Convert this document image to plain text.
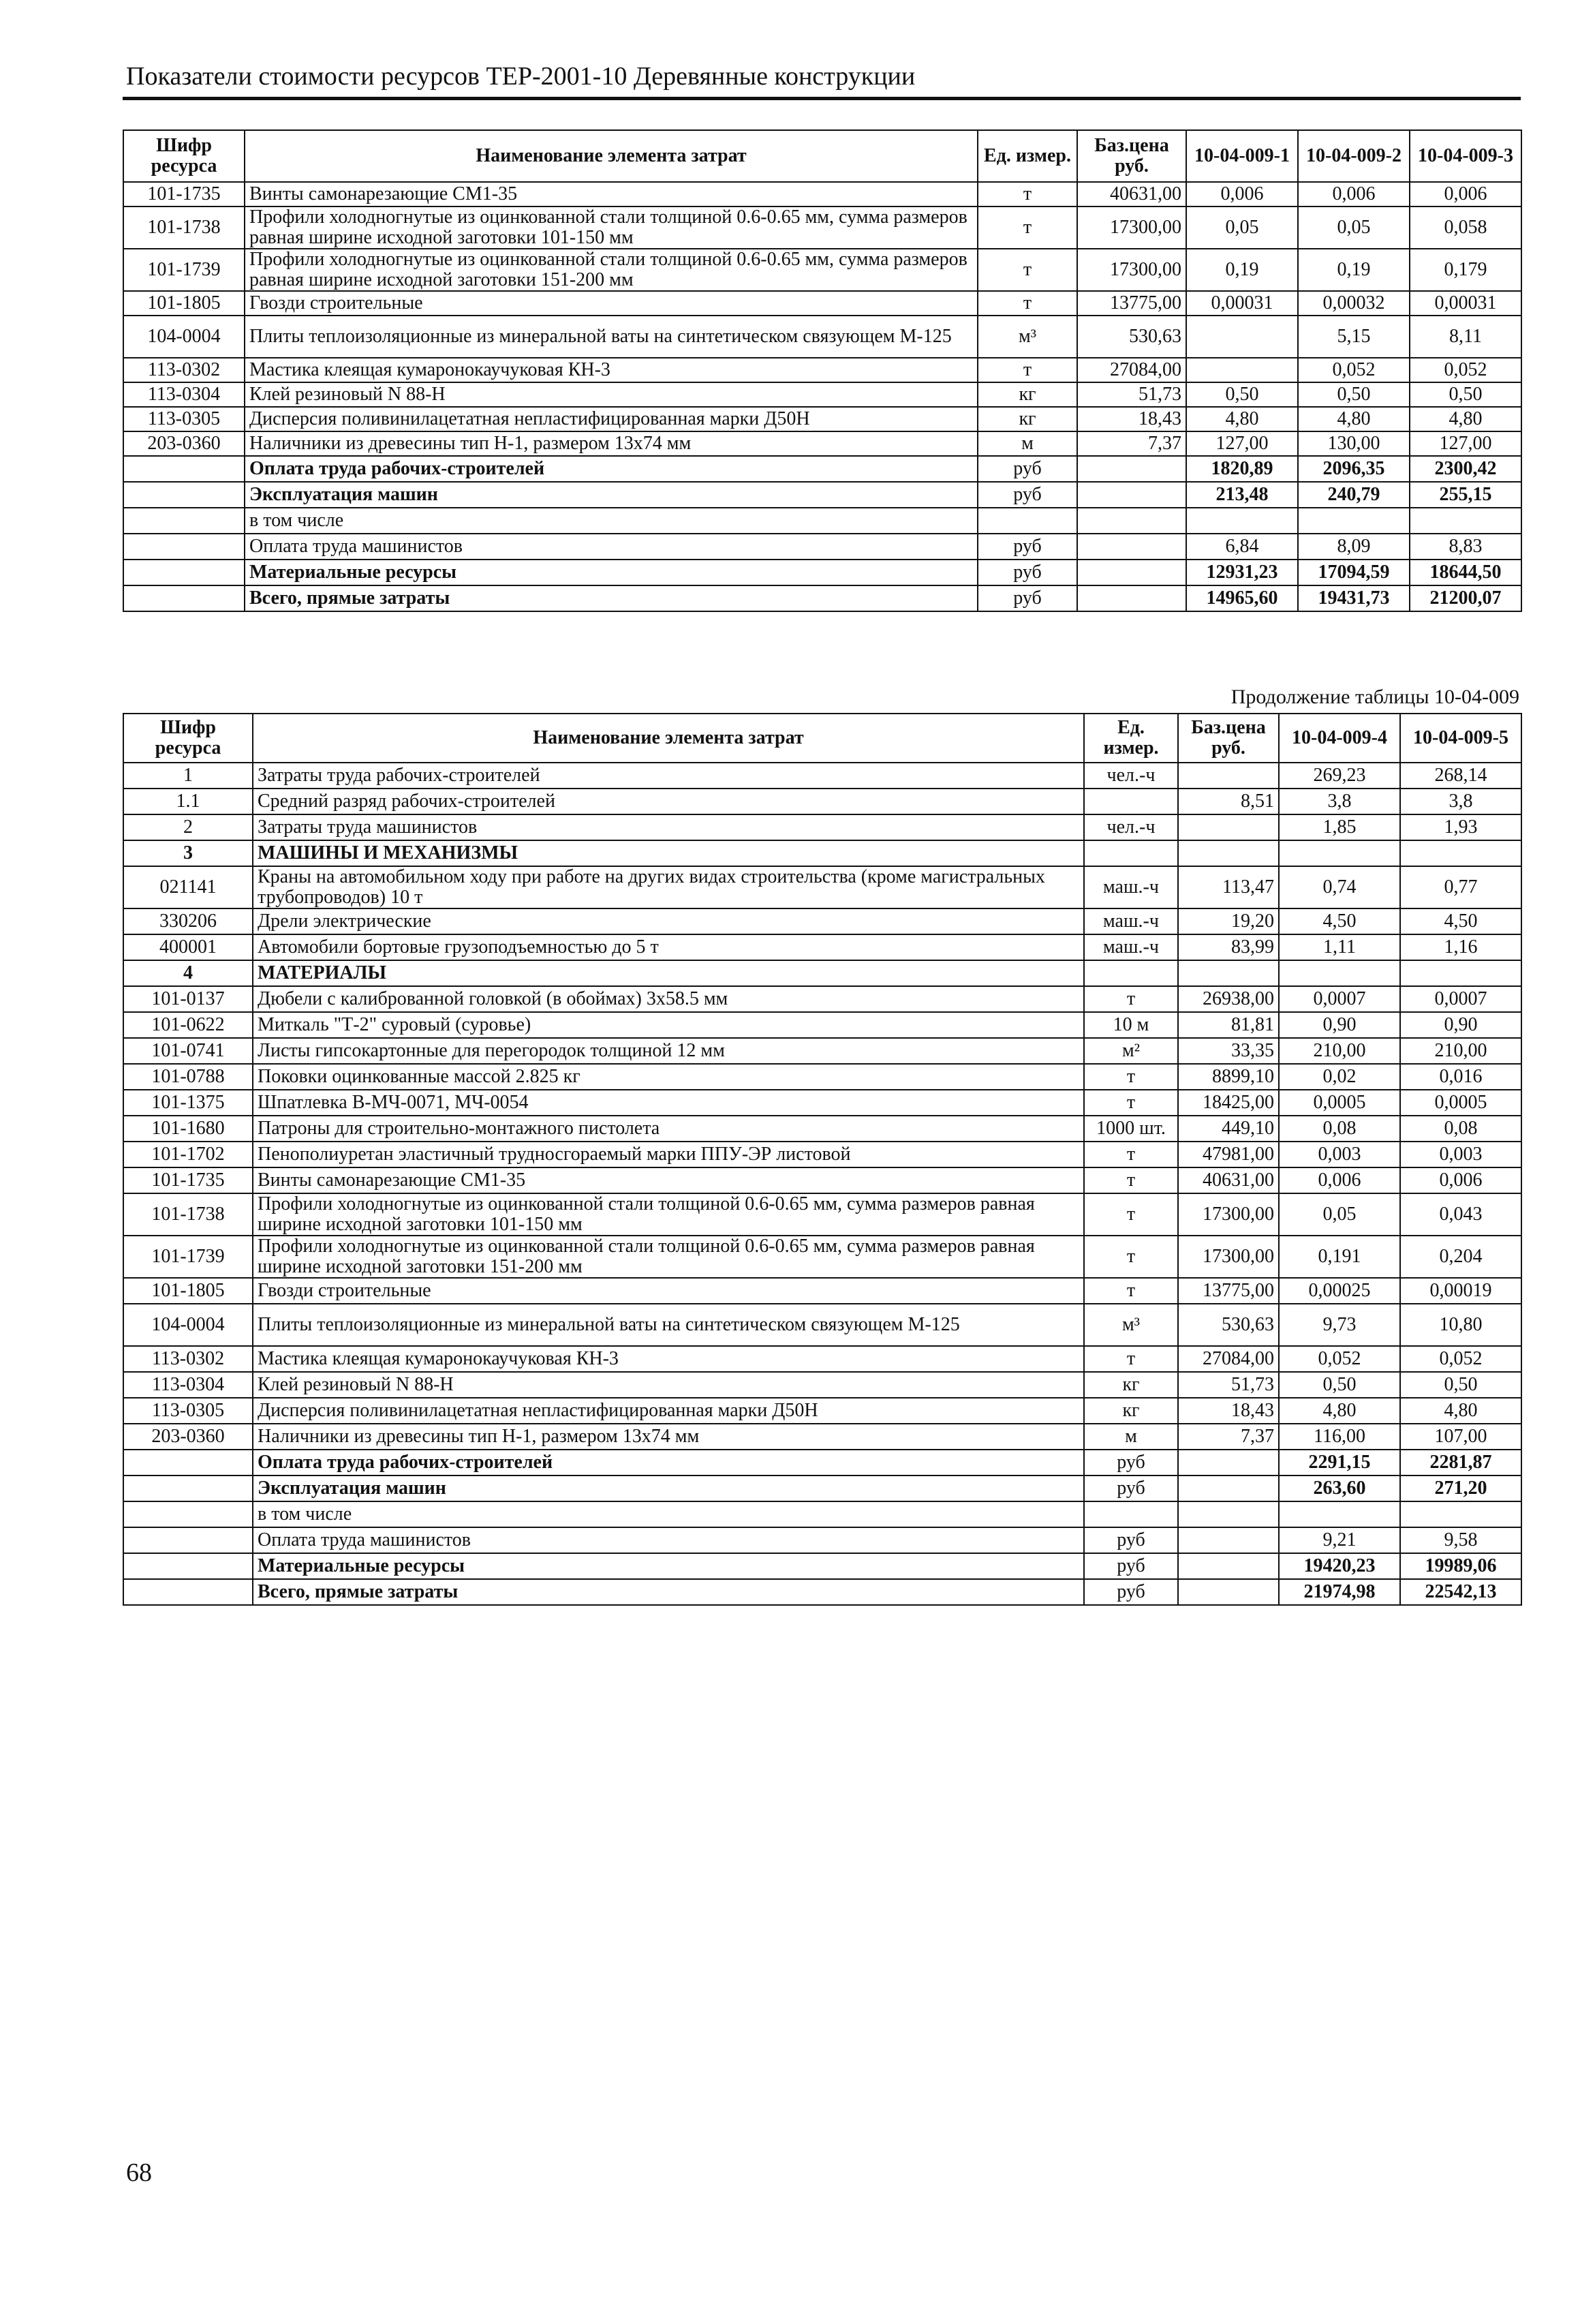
Показатели стоимости ресурсов ТЕР-2001-10 Деревянные конструкции
Шифр ресурса	Наименование элемента затрат	Ед. измер.	Баз.цена руб.	10-04-009-1	10-04-009-2	10-04-009-3
101-1735	Винты самонарезающие СМ1-35	т	40631,00	0,006	0,006	0,006
101-1738	Профили холодногнутые из оцинкованной стали толщиной 0.6-0.65 мм, сумма размеров равная ширине исходной заготовки 101-150 мм	т	17300,00	0,05	0,05	0,058
101-1739	Профили холодногнутые из оцинкованной стали толщиной 0.6-0.65 мм, сумма размеров равная ширине исходной заготовки 151-200 мм	т	17300,00	0,19	0,19	0,179
101-1805	Гвозди строительные	т	13775,00	0,00031	0,00032	0,00031
104-0004	Плиты теплоизоляционные из минеральной ваты на синтетическом связующем М-125	м³	530,63		5,15	8,11
113-0302	Мастика клеящая кумаронокаучуковая КН-3	т	27084,00		0,052	0,052
113-0304	Клей резиновый N 88-Н	кг	51,73	0,50	0,50	0,50
113-0305	Дисперсия поливинилацетатная непластифицированная марки Д50Н	кг	18,43	4,80	4,80	4,80
203-0360	Наличники из древесины тип Н-1, размером 13х74 мм	м	7,37	127,00	130,00	127,00
	Оплата труда рабочих-строителей	руб		1820,89	2096,35	2300,42
	Эксплуатация машин	руб		213,48	240,79	255,15
	в том числе					
	Оплата труда машинистов	руб		6,84	8,09	8,83
	Материальные ресурсы	руб		12931,23	17094,59	18644,50
	Всего, прямые затраты	руб		14965,60	19431,73	21200,07
Продолжение таблицы 10-04-009
Шифр ресурса	Наименование элемента затрат	Ед. измер.	Баз.цена руб.	10-04-009-4	10-04-009-5
1	Затраты труда рабочих-строителей	чел.-ч		269,23	268,14
1.1	Средний разряд рабочих-строителей		8,51	3,8	3,8
2	Затраты труда машинистов	чел.-ч		1,85	1,93
3	МАШИНЫ И МЕХАНИЗМЫ				
021141	Краны на автомобильном ходу при работе на других видах строительства (кроме магистральных трубопроводов) 10 т	маш.-ч	113,47	0,74	0,77
330206	Дрели электрические	маш.-ч	19,20	4,50	4,50
400001	Автомобили бортовые грузоподъемностью до 5 т	маш.-ч	83,99	1,11	1,16
4	МАТЕРИАЛЫ				
101-0137	Дюбели с калиброванной головкой (в обоймах) 3х58.5 мм	т	26938,00	0,0007	0,0007
101-0622	Миткаль "Т-2" суровый (суровье)	10 м	81,81	0,90	0,90
101-0741	Листы гипсокартонные для перегородок толщиной 12 мм	м²	33,35	210,00	210,00
101-0788	Поковки оцинкованные массой 2.825 кг	т	8899,10	0,02	0,016
101-1375	Шпатлевка В-МЧ-0071, МЧ-0054	т	18425,00	0,0005	0,0005
101-1680	Патроны для строительно-монтажного пистолета	1000 шт.	449,10	0,08	0,08
101-1702	Пенополиуретан эластичный трудносгораемый марки ППУ-ЭР листовой	т	47981,00	0,003	0,003
101-1735	Винты самонарезающие СМ1-35	т	40631,00	0,006	0,006
101-1738	Профили холодногнутые из оцинкованной стали толщиной 0.6-0.65 мм, сумма размеров равная ширине исходной заготовки 101-150 мм	т	17300,00	0,05	0,043
101-1739	Профили холодногнутые из оцинкованной стали толщиной 0.6-0.65 мм, сумма размеров равная ширине исходной заготовки 151-200 мм	т	17300,00	0,191	0,204
101-1805	Гвозди строительные	т	13775,00	0,00025	0,00019
104-0004	Плиты теплоизоляционные из минеральной ваты на синтетическом связующем М-125	м³	530,63	9,73	10,80
113-0302	Мастика клеящая кумаронокаучуковая КН-3	т	27084,00	0,052	0,052
113-0304	Клей резиновый N 88-Н	кг	51,73	0,50	0,50
113-0305	Дисперсия поливинилацетатная непластифицированная марки Д50Н	кг	18,43	4,80	4,80
203-0360	Наличники из древесины тип Н-1, размером 13х74 мм	м	7,37	116,00	107,00
	Оплата труда рабочих-строителей	руб		2291,15	2281,87
	Эксплуатация машин	руб		263,60	271,20
	в том числе				
	Оплата труда машинистов	руб		9,21	9,58
	Материальные ресурсы	руб		19420,23	19989,06
	Всего, прямые затраты	руб		21974,98	22542,13
68
